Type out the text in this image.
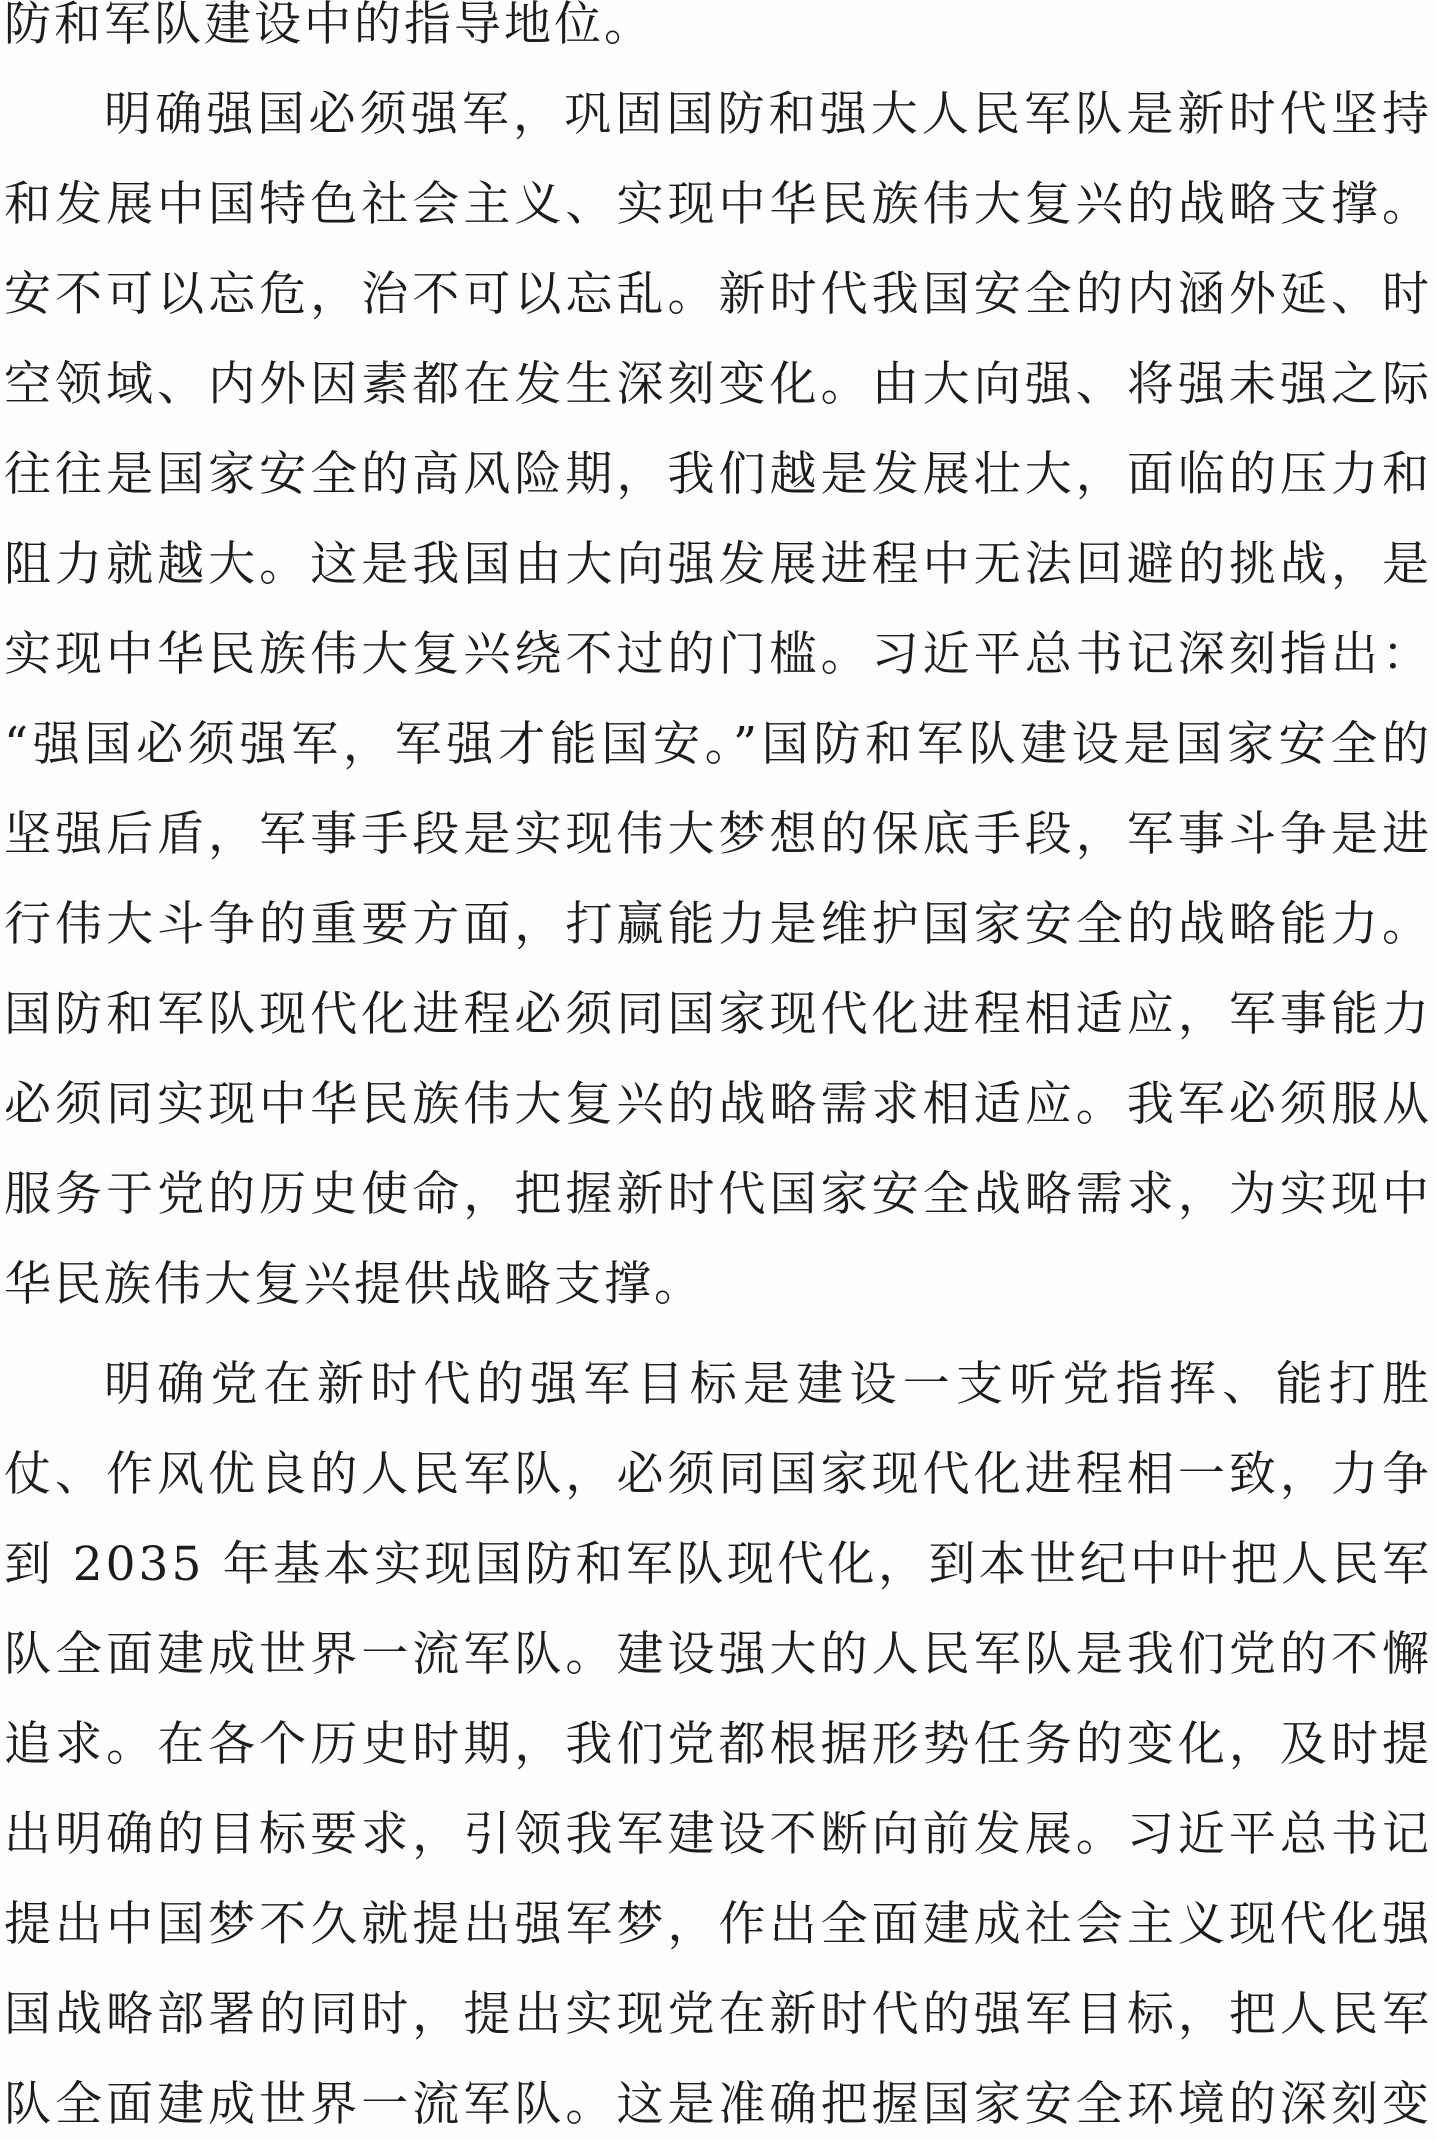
防和军队建设中的指导地位。
明确强国必须强军，巩固国防和强大人民军队是新时代坚持
和发展中国特色社会主义、实现中华民族伟大复兴的战略支撑。
安不可以忘危，治不可以忘乱。新时代我国安全的内涵外延、时
空领域、内外因素都在发生深刻变化。由大向强、将强未强之际
往往是国家安全的高风险期，我们越是发展壮大，面临的压力和
阻力就越大。这是我国由大向强发展进程中无法回避的挑战，是
实现中华民族伟大复兴绕不过的门槛。习近平总书记深刻指出：
“强国必须强军，军强才能国安。”国防和军队建设是国家安全的
坚强后盾，军事手段是实现伟大梦想的保底手段，军事斗争是进
行伟大斗争的重要方面，打赢能力是维护国家安全的战略能力。
国防和军队现代化进程必须同国家现代化进程相适应，军事能力
必须同实现中华民族伟大复兴的战略需求相适应。我军必须服从
服务于党的历史使命，把握新时代国家安全战略需求，为实现中
华民族伟大复兴提供战略支撑。
明确党在新时代的强军目标是建设一支听党指挥、能打胜
仗、作风优良的人民军队，必须同国家现代化进程相一致，力争
到 2035 年基本实现国防和军队现代化，到本世纪中叶把人民军
队全面建成世界一流军队。建设强大的人民军队是我们党的不懈
追求。在各个历史时期，我们党都根据形势任务的变化，及时提
出明确的目标要求，引领我军建设不断向前发展。习近平总书记
提出中国梦不久就提出强军梦，作出全面建成社会主义现代化强
国战略部署的同时，提出实现党在新时代的强军目标，把人民军
队全面建成世界一流军队。这是准确把握国家安全环境的深刻变
